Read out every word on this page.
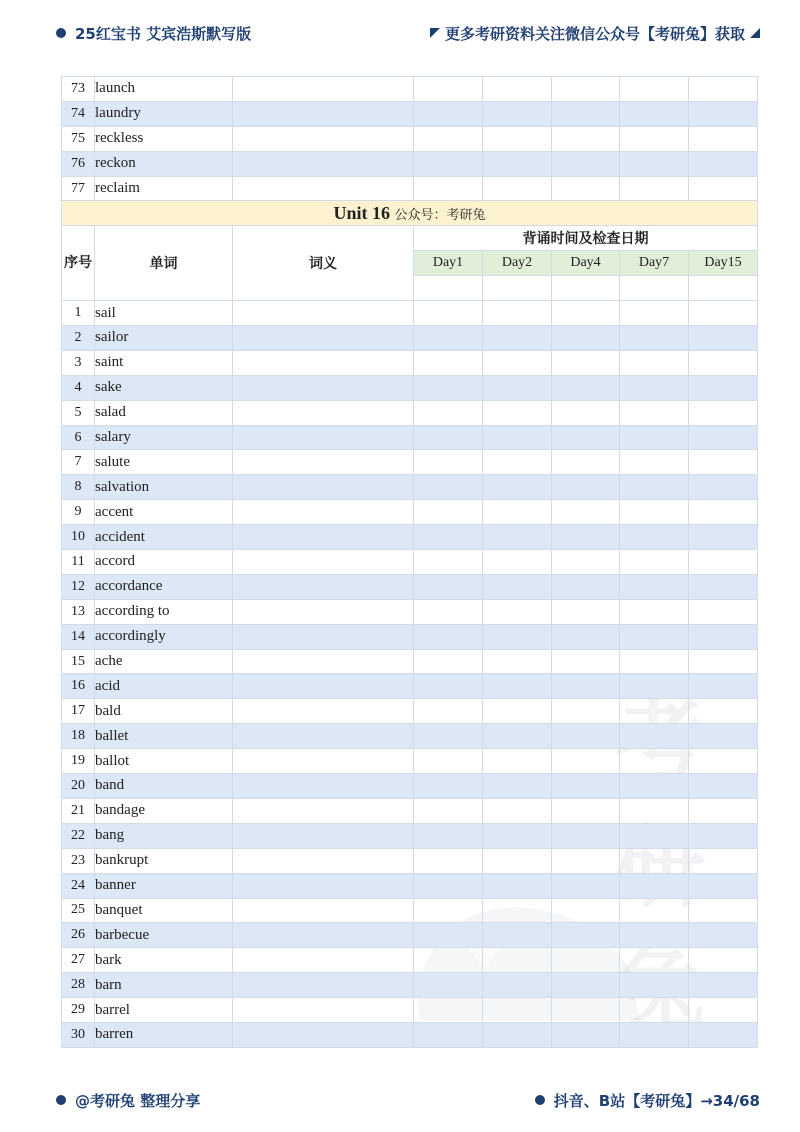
25红宝书 艾宾浩斯默写版	更多考研资料关注微信公众号【考研兔】获取
研
73	launch						
74	laundry						
75	reckless						
76	reckon						
77	reclaim						
Unit 16 公众号：考研兔							
序号	单词	词义	背诵时间及检查日期				
			Day1	Day2	Day4	Day7	Day15

1	sail						
2	sailor						
3	saint						
4	sake						
5	salad						
6	salary						
7	salute						
8	salvation						
9	accent						
10	accident						
11	accord						
12	accordance						
13	according to						
14	accordingly						
15	ache						
16	acid						
17	bald						
18	ballet						
19	ballot						
20	band						
21	bandage						
22	bang						
23	bankrupt						
24	banner						
25	banquet						
26	barbecue						
27	bark						
28	barn						
29	barrel						
30	barren						
@考研兔 整理分享	抖音、B站【考研兔】→34/68
